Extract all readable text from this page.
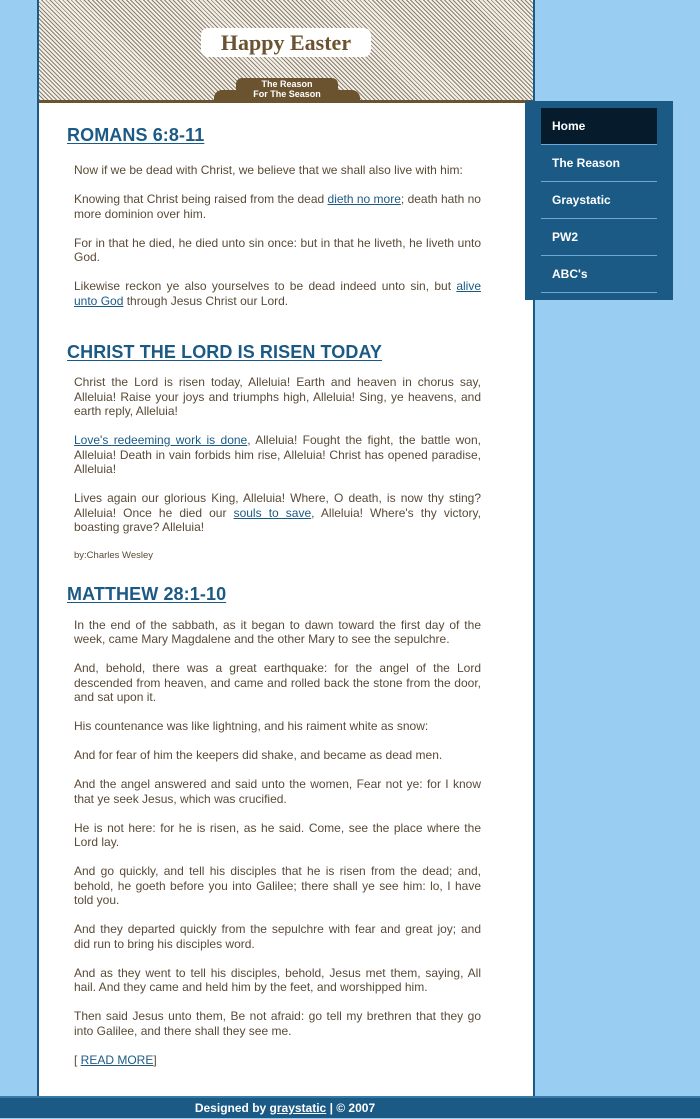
Happy Easter
The Reason
For The Season
ROMANS 6:8-11

Now if we be dead with Christ, we believe that we shall also live with him:

Knowing that Christ being raised from the dead dieth no more; death hath no more dominion over him.

For in that he died, he died unto sin once: but in that he liveth, he liveth unto God.

Likewise reckon ye also yourselves to be dead indeed unto sin, but alive unto God through Jesus Christ our Lord.

CHRIST THE LORD IS RISEN TODAY

Christ the Lord is risen today, Alleluia! Earth and heaven in chorus say, Alleluia! Raise your joys and triumphs high, Alleluia! Sing, ye heavens, and earth reply, Alleluia!

Love's redeeming work is done, Alleluia! Fought the fight, the battle won, Alleluia! Death in vain forbids him rise, Alleluia! Christ has opened paradise, Alleluia!

Lives again our glorious King, Alleluia! Where, O death, is now thy sting? Alleluia! Once he died our souls to save, Alleluia! Where's thy victory, boasting grave? Alleluia!

by:Charles Wesley

MATTHEW 28:1-10

In the end of the sabbath, as it began to dawn toward the first day of the week, came Mary Magdalene and the other Mary to see the sepulchre.

And, behold, there was a great earthquake: for the angel of the Lord descended from heaven, and came and rolled back the stone from the door, and sat upon it.

His countenance was like lightning, and his raiment white as snow:

And for fear of him the keepers did shake, and became as dead men.

And the angel answered and said unto the women, Fear not ye: for I know that ye seek Jesus, which was crucified.

He is not here: for he is risen, as he said. Come, see the place where the Lord lay.

And go quickly, and tell his disciples that he is risen from the dead; and, behold, he goeth before you into Galilee; there shall ye see him: lo, I have told you.

And they departed quickly from the sepulchre with fear and great joy; and did run to bring his disciples word.

And as they went to tell his disciples, behold, Jesus met them, saying, All hail. And they came and held him by the feet, and worshipped him.

Then said Jesus unto them, Be not afraid: go tell my brethren that they go into Galilee, and there shall they see me.

[ READ MORE]

Home
The Reason
Graystatic
PW2
ABC's
Designed by graystatic | © 2007
